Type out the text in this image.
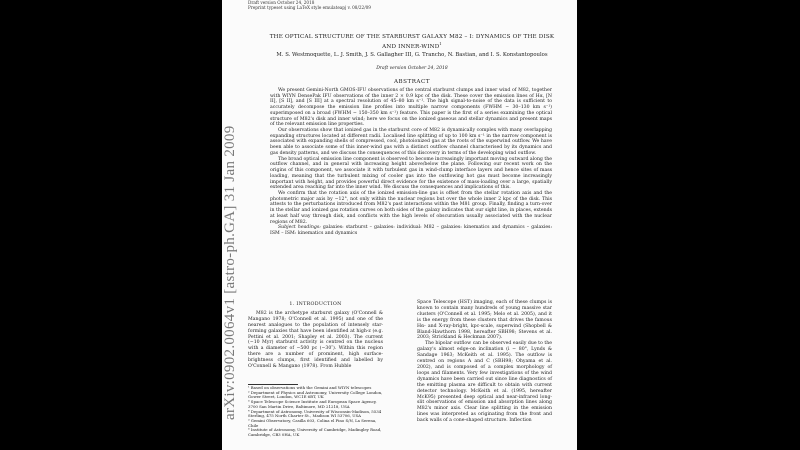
arXiv:0902.0064v1 [astro-ph.GA] 31 Jan 2009
Draft version October 24, 2018
Preprint typeset using LaTeX style emulateapj v. 08/22/09
THE OPTICAL STRUCTURE OF THE STARBURST GALAXY M82 – I: DYNAMICS OF THE DISK AND INNER-WIND$^1$
M. S. Westmoquette, L. J. Smith, J. S. Gallagher III, G. Trancho, N. Bastian, and I. S. Konstantopoulos
Draft version October 24, 2018
ABSTRACT

We present Gemini-North GMOS-IFU observations of the central starburst clumps and inner wind of M82, together with WIYN DensePak IFU observations of the inner 2 × 0.9 kpc of the disk. These cover the emission lines of Hα, [N II], [S II], and [S III] at a spectral resolution of 45–80 km s⁻¹. The high signal-to-noise of the data is sufficient to accurately decompose the emission line profiles into multiple narrow components (FWHM ∼ 30–130 km s⁻¹) superimposed on a broad (FWHM ∼ 150–350 km s⁻¹) feature. This paper is the first of a series examining the optical structure of M82's disk and inner wind; here we focus on the ionized gaseous and stellar dynamics and present maps of the relevant emission line properties.

Our observations show that ionized gas in the starburst core of M82 is dynamically complex with many overlapping expanding structures located at different radii. Localised line splitting of up to 100 km s⁻¹ in the narrow component is associated with expanding shells of compressed, cool, photoionized gas at the roots of the superwind outflow. We have been able to associate some of this inner-wind gas with a distinct outflow channel characterised by its dynamics and gas density patterns, and we discuss the consequences of this discovery in terms of the developing wind outflow.

The broad optical emission line component is observed to become increasingly important moving outward along the outflow channel, and in general with increasing height above/below the plane. Following our recent work on the origins of this component, we associate it with turbulent gas in wind-clump interface layers and hence sites of mass loading, meaning that the turbulent mixing of cooler gas into the outflowing hot gas must become increasingly important with height, and provides powerful direct evidence for the existence of mass-loading over a large, spatially extended area reaching far into the inner wind. We discuss the consequences and implications of this.

We confirm that the rotation axis of the ionized emission-line gas is offset from the stellar rotation axis and the photometric major axis by ∼12°, not only within the nuclear regions but over the whole inner 2 kpc of the disk. This attests to the perturbations introduced from M82's past interactions within the M81 group. Finally, finding a turn-over in the stellar and ionized gas rotation curves on both sides of the galaxy indicates that our sight line, in places, extends at least half way through disk, and conflicts with the high levels of obscuration usually associated with the nuclear regions of M82.

Subject headings: galaxies: starburst – galaxies: individual: M82 – galaxies: kinematics and dynamics – galaxies: ISM – ISM: kinematics and dynamics

1. INTRODUCTION

M82 is the archetype starburst galaxy (O'Connell & Mangano 1978; O'Connell et al. 1995) and one of the nearest analogues to the population of intensely star-forming galaxies that have been identified at high-z (e.g. Pettini et al. 2001; Shapley et al. 2003). The current (∼10 Myr) starburst activity is centred on the nucleus with a diameter of ∼500 pc (∼30″). Within this region there are a number of prominent, high surface-brightness clumps, first identified and labelled by O'Connell & Mangano (1978). From Hubble

¹ Based on observations with the Gemini and WIYN telescopes
² Department of Physics and Astronomy, University College London, Gower Street, London, WC1E 6BT, UK
³ Space Telescope Science Institute and European Space Agency, 3700 San Martin Drive, Baltimore, MD 21218, USA
⁴ Department of Astronomy, University of Wisconsin-Madison, 5534 Sterling, 475 North Charter St., Madison WI 53706, USA
⁵ Gemini Observatory, Casilla 603, Colina el Pino S/N, La Serena, Chile
⁶ Institute of Astronomy, University of Cambridge, Madingley Road, Cambridge, CB3 0HA, UK

Space Telescope (HST) imaging, each of these clumps is known to contain many hundreds of young massive star clusters (O'Connell et al. 1995; Melo et al. 2005), and it is the energy from these clusters that drives the famous Hα- and X-ray-bright, kpc-scale, superwind (Shopbell & Bland-Hawthorn 1998, hereafter SBH98; Stevens et al. 2003; Strickland & Heckman 2007).

The bipolar outflow can be observed easily due to the galaxy's almost edge-on inclination (i ∼ 80°, Lynds & Sandage 1963; McKeith et al. 1995). The outflow is centred on regions A and C (SBH98; Ohyama et al. 2002), and is composed of a complex morphology of loops and filaments. Very few investigations of the wind dynamics have been carried out since line diagnostics of the emitting plasma are difficult to obtain with current detector technology. McKeith et al. (1995, hereafter McK95) presented deep optical and near-infrared long-slit observations of emission and absorption lines along M82's minor axis. Clear line splitting in the emission lines was interpreted as originating from the front and back walls of a cone-shaped structure. Inflection
